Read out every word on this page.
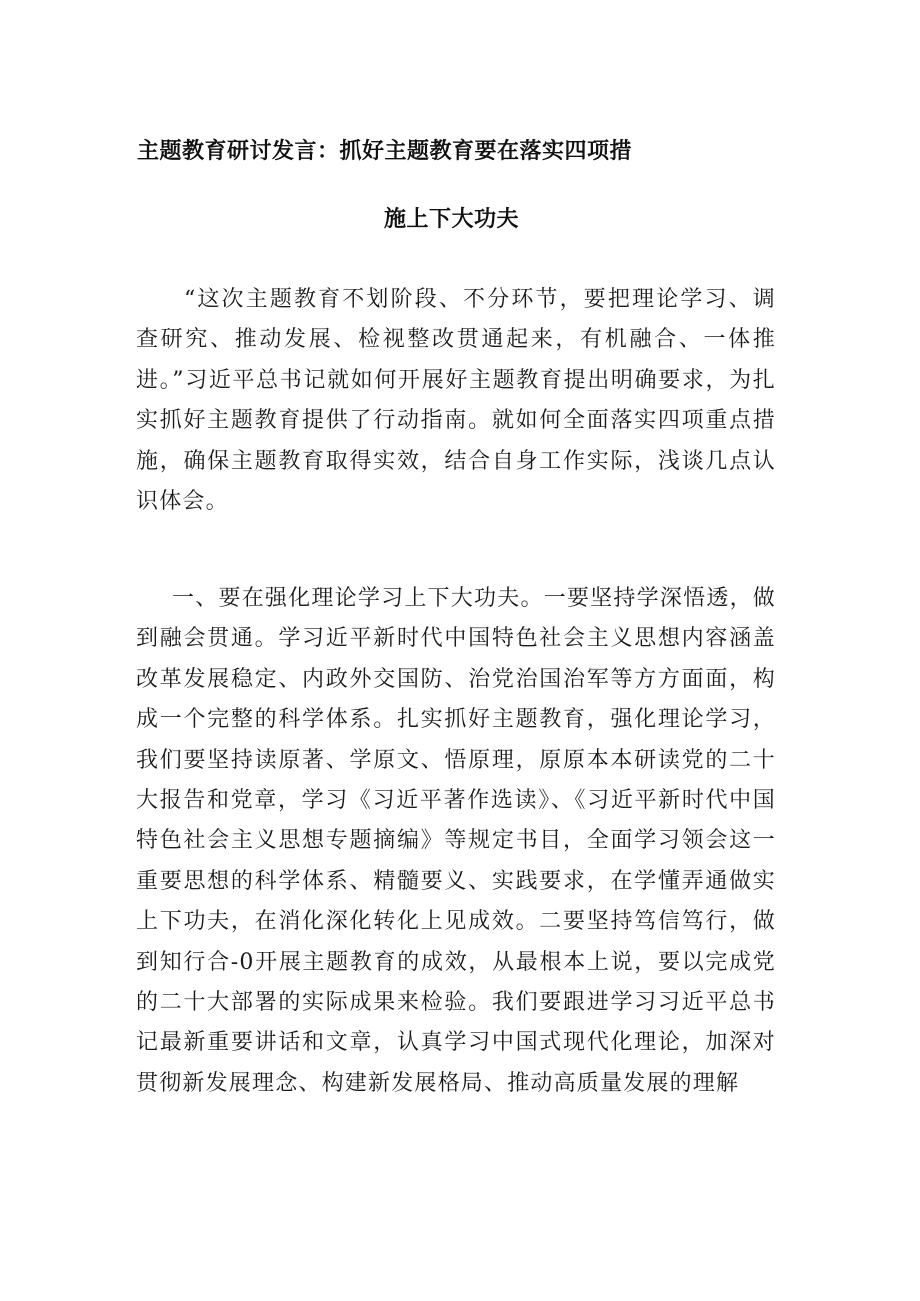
主题教育研讨发言：抓好主题教育要在落实四项措
施上下大功夫

“这次主题教育不划阶段、不分环节，要把理论学习、调查研究、推动发展、检视整改贯通起来，有机融合、一体推进。”习近平总书记就如何开展好主题教育提出明确要求，为扎实抓好主题教育提供了行动指南。就如何全面落实四项重点措施，确保主题教育取得实效，结合自身工作实际，浅谈几点认识体会。

一、要在强化理论学习上下大功夫。一要坚持学深悟透，做到融会贯通。学习近平新时代中国特色社会主义思想内容涵盖改革发展稳定、内政外交国防、治党治国治军等方方面面，构成一个完整的科学体系。扎实抓好主题教育，强化理论学习，我们要坚持读原著、学原文、悟原理，原原本本研读党的二十大报告和党章，学习《习近平著作选读》、《习近平新时代中国特色社会主义思想专题摘编》等规定书目，全面学习领会这一重要思想的科学体系、精髓要义、实践要求，在学懂弄通做实上下功夫，在消化深化转化上见成效。二要坚持笃信笃行，做到知行合-0开展主题教育的成效，从最根本上说，要以完成党的二十大部署的实际成果来检验。我们要跟进学习习近平总书记最新重要讲话和文章，认真学习中国式现代化理论，加深对贯彻新发展理念、构建新发展格局、推动高质量发展的理解
